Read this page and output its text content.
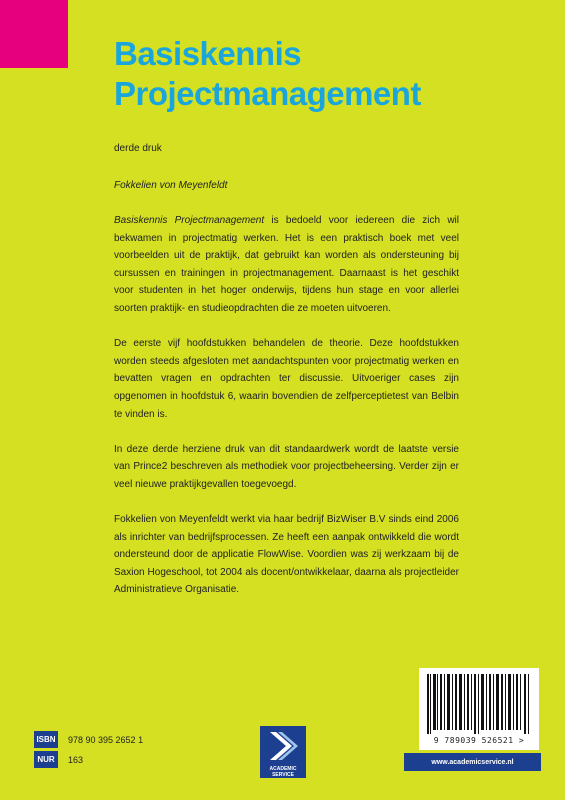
Basiskennis
Projectmanagement
derde druk
Fokkelien von Meyenfeldt

Basiskennis Projectmanagement is bedoeld voor iedereen die zich wil bekwamen in projectmatig werken. Het is een praktisch boek met veel voorbeelden uit de praktijk, dat gebruikt kan worden als ondersteuning bij cursussen en trainingen in projectmanagement. Daarnaast is het geschikt voor studenten in het hoger onderwijs, tijdens hun stage en voor allerlei soorten praktijk- en studieopdrachten die ze moeten uitvoeren.

De eerste vijf hoofdstukken behandelen de theorie. Deze hoofdstukken worden steeds afgesloten met aandachtspunten voor projectmatig werken en bevatten vragen en opdrachten ter discussie. Uitvoeriger cases zijn opgenomen in hoofdstuk 6, waarin bovendien de zelfperceptietest van Belbin te vinden is.

In deze derde herziene druk van dit standaardwerk wordt de laatste versie van Prince2 beschreven als methodiek voor projectbeheersing. Verder zijn er veel nieuwe praktijkgevallen toegevoegd.

Fokkelien von Meyenfeldt werkt via haar bedrijf BizWiser B.V sinds eind 2006 als inrichter van bedrijfsprocessen. Ze heeft een aanpak ontwikkeld die wordt ondersteund door de applicatie FlowWise. Voordien was zij werkzaam bij de Saxion Hogeschool, tot 2004 als docent/ontwikkelaar, daarna als projectleider Administratieve Organisatie.

9 789039 526521 >
ISBN 978 90 395 2652 1
NUR	163
ACADEMIC
SERVICE
www.academicservice.nl
